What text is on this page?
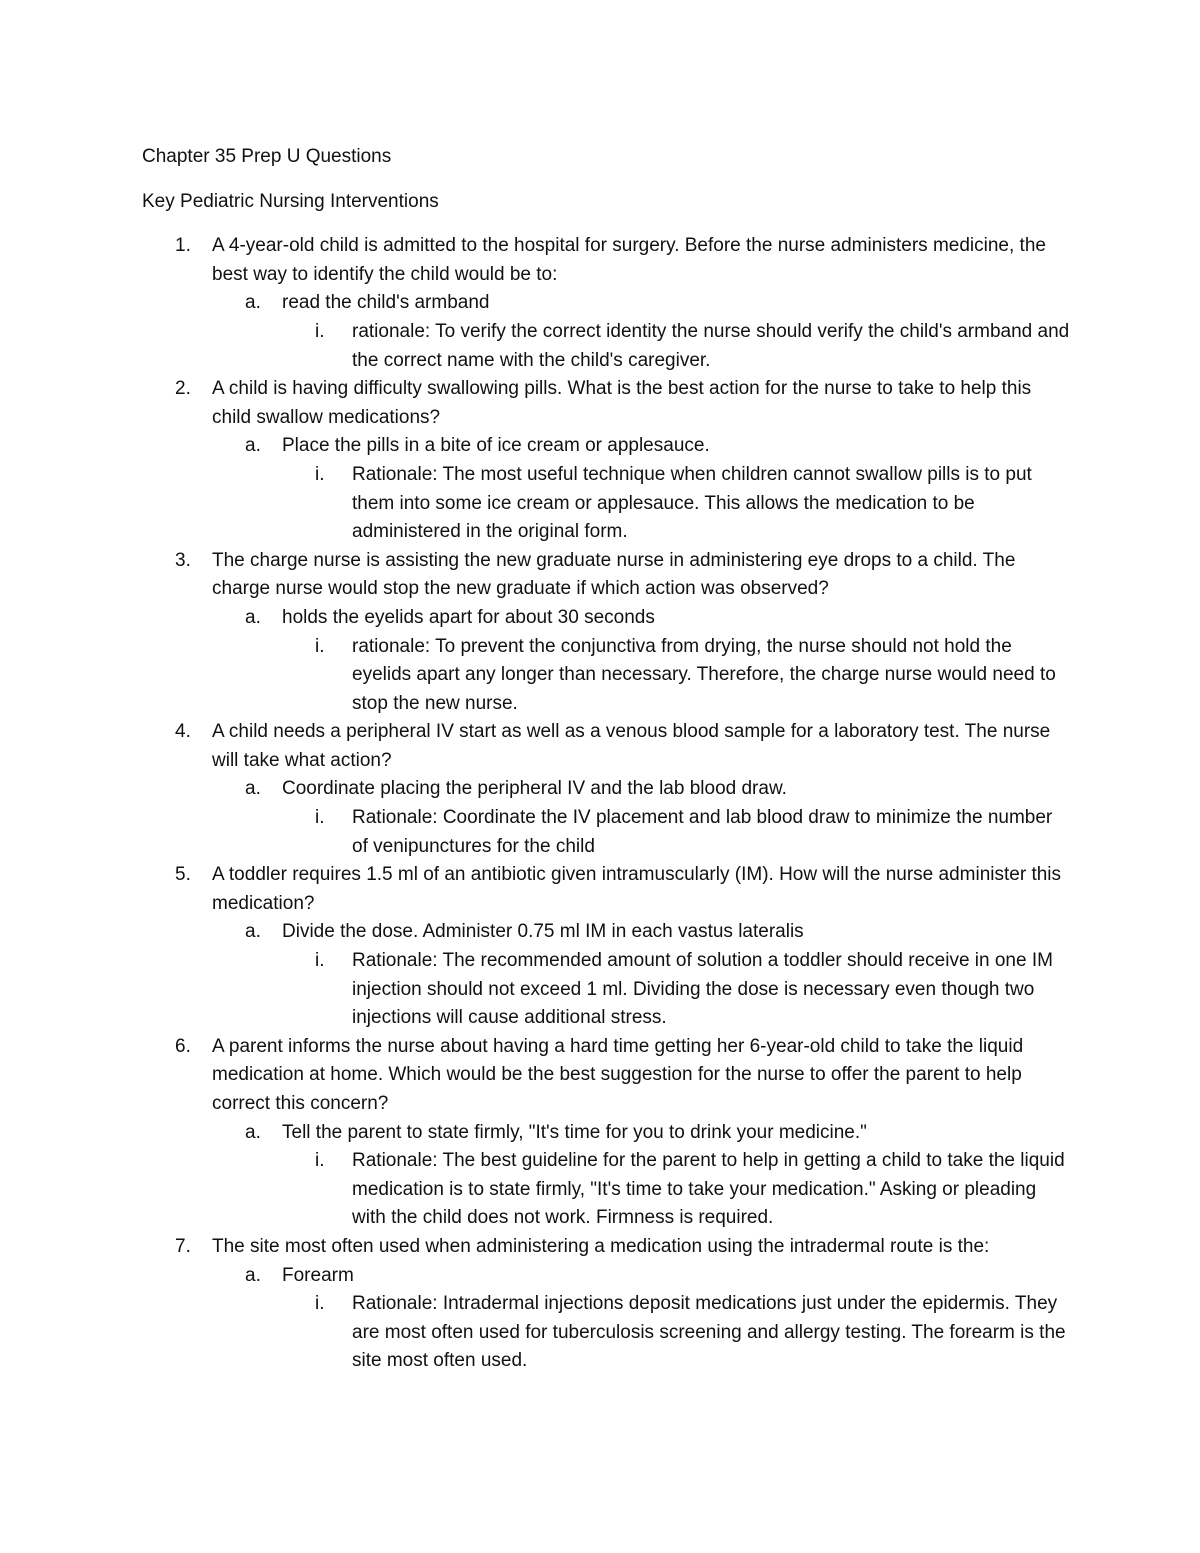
Chapter 35 Prep U Questions

Key Pediatric Nursing Interventions

1.	A 4-year-old child is admitted to the hospital for surgery. Before the nurse administers medicine, the best way to identify the child would be to:
a. read the child's armband
i. rationale: To verify the correct identity the nurse should verify the child's armband and the correct name with the child's caregiver.
2.	A child is having difficulty swallowing pills. What is the best action for the nurse to take to help this child swallow medications?
a. Place the pills in a bite of ice cream or applesauce.
i. Rationale: The most useful technique when children cannot swallow pills is to put them into some ice cream or applesauce. This allows the medication to be administered in the original form.
3.	The charge nurse is assisting the new graduate nurse in administering eye drops to a child. The charge nurse would stop the new graduate if which action was observed?
a. holds the eyelids apart for about 30 seconds
i. rationale: To prevent the conjunctiva from drying, the nurse should not hold the eyelids apart any longer than necessary. Therefore, the charge nurse would need to stop the new nurse.
4.	A child needs a peripheral IV start as well as a venous blood sample for a laboratory test. The nurse will take what action?
a. Coordinate placing the peripheral IV and the lab blood draw.
i. Rationale: Coordinate the IV placement and lab blood draw to minimize the number of venipunctures for the child
5.	A toddler requires 1.5 ml of an antibiotic given intramuscularly (IM). How will the nurse administer this medication?
a. Divide the dose. Administer 0.75 ml IM in each vastus lateralis
i. Rationale: The recommended amount of solution a toddler should receive in one IM injection should not exceed 1 ml. Dividing the dose is necessary even though two injections will cause additional stress.
6.	A parent informs the nurse about having a hard time getting her 6-year-old child to take the liquid medication at home. Which would be the best suggestion for the nurse to offer the parent to help correct this concern?
a. Tell the parent to state firmly, "It's time for you to drink your medicine."
i. Rationale: The best guideline for the parent to help in getting a child to take the liquid medication is to state firmly, "It's time to take your medication." Asking or pleading with the child does not work. Firmness is required.
7.	The site most often used when administering a medication using the intradermal route is the:
a. Forearm
i. Rationale: Intradermal injections deposit medications just under the epidermis. They are most often used for tuberculosis screening and allergy testing. The forearm is the site most often used.
